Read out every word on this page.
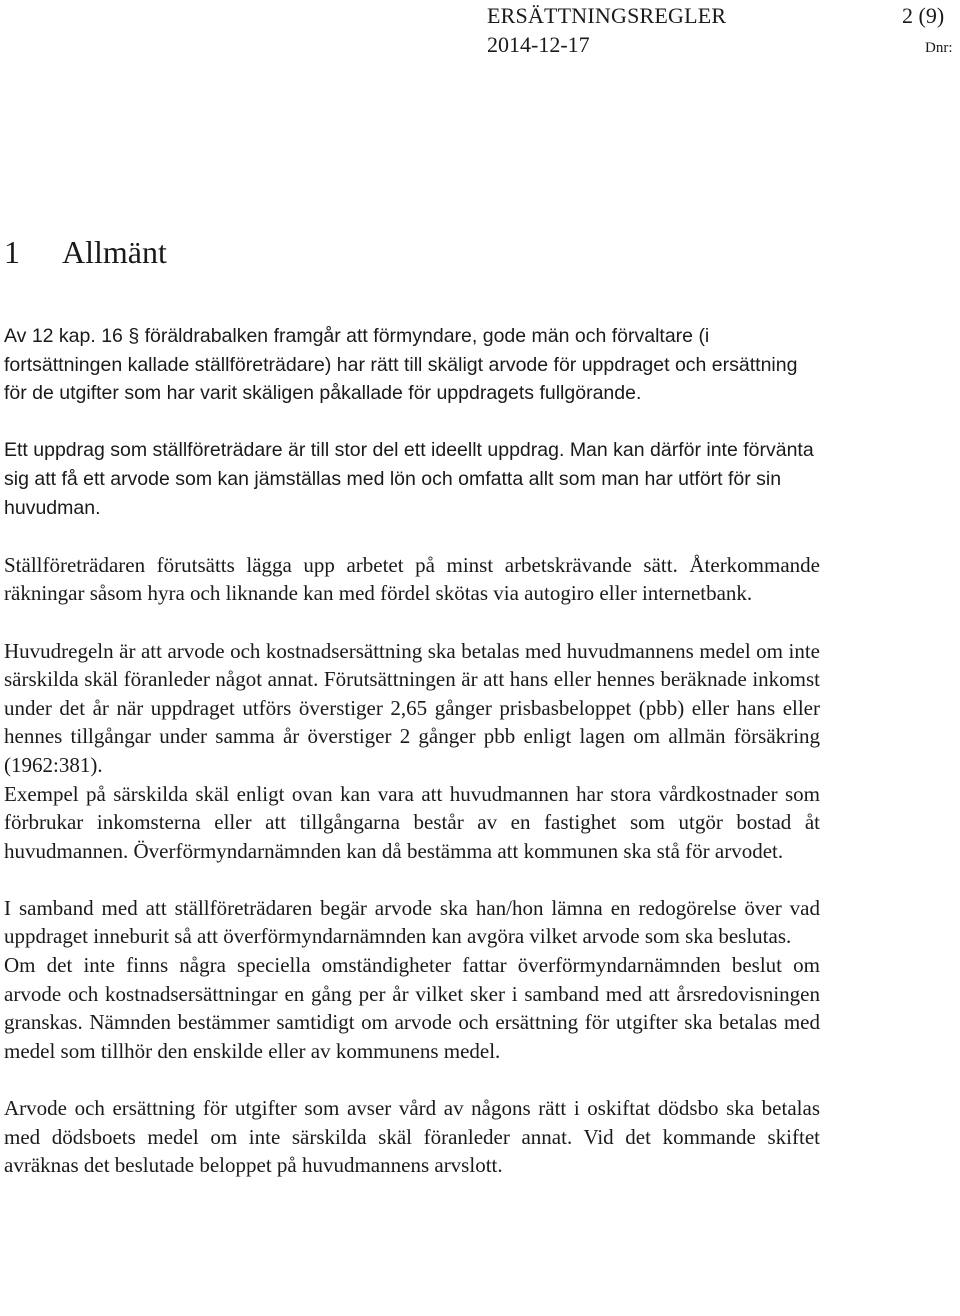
ERSÄTTNINGSREGLER
2014-12-17
2 (9)
Dnr:
1 Allmänt

Av 12 kap. 16 § föräldrabalken framgår att förmyndare, gode män och förvaltare (i fortsättningen kallade ställföreträdare) har rätt till skäligt arvode för uppdraget och ersättning för de utgifter som har varit skäligen påkallade för uppdragets fullgörande.

Ett uppdrag som ställföreträdare är till stor del ett ideellt uppdrag. Man kan därför inte förvänta sig att få ett arvode som kan jämställas med lön och omfatta allt som man har utfört för sin huvudman.

Ställföreträdaren förutsätts lägga upp arbetet på minst arbetskrävande sätt. Återkommande räkningar såsom hyra och liknande kan med fördel skötas via autogiro eller internetbank.

Huvudregeln är att arvode och kostnadsersättning ska betalas med huvudmannens medel om inte särskilda skäl föranleder något annat. Förutsättningen är att hans eller hennes beräknade inkomst under det år när uppdraget utförs överstiger 2,65 gånger prisbasbeloppet (pbb) eller hans eller hennes tillgångar under samma år överstiger 2 gånger pbb enligt lagen om allmän försäkring (1962:381).

Exempel på särskilda skäl enligt ovan kan vara att huvudmannen har stora vårdkostnader som förbrukar inkomsterna eller att tillgångarna består av en fastighet som utgör bostad åt huvudmannen. Överförmyndarnämnden kan då bestämma att kommunen ska stå för arvodet.

I samband med att ställföreträdaren begär arvode ska han/hon lämna en redogörelse över vad uppdraget inneburit så att överförmyndarnämnden kan avgöra vilket arvode som ska beslutas.

Om det inte finns några speciella omständigheter fattar överförmyndarnämnden beslut om arvode och kostnadsersättningar en gång per år vilket sker i samband med att årsredovisningen granskas. Nämnden bestämmer samtidigt om arvode och ersättning för utgifter ska betalas med medel som tillhör den enskilde eller av kommunens medel.

Arvode och ersättning för utgifter som avser vård av någons rätt i oskiftat dödsbo ska betalas med dödsboets medel om inte särskilda skäl föranleder annat. Vid det kommande skiftet avräknas det beslutade beloppet på huvudmannens arvslott.
